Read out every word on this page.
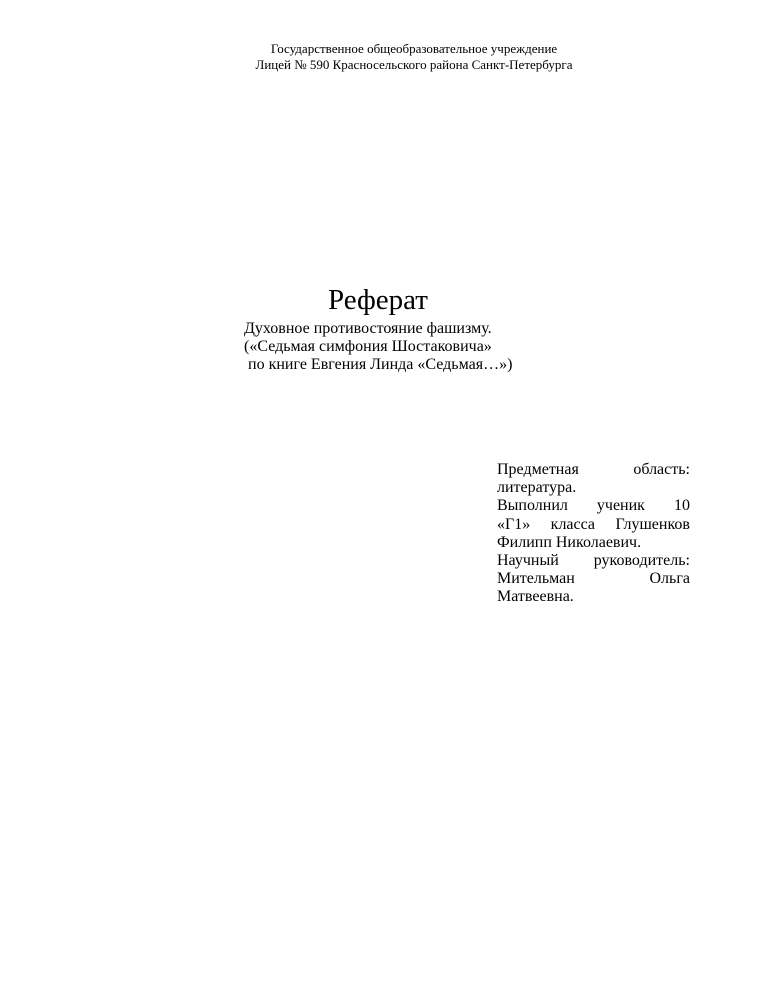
Государственное общеобразовательное учреждение
Лицей № 590 Красносельского района Санкт-Петербурга
Реферат
Духовное противостояние фашизму.
(«Седьмая симфония Шостаковича»
по книге Евгения Линда «Седьмая…»)
Предметная	область:
литература.
Выполнил ученик 10
«Г1» класса Глушенков
Филипп Николаевич.
Научный руководитель:
Мительман	Ольга
Матвеевна.
